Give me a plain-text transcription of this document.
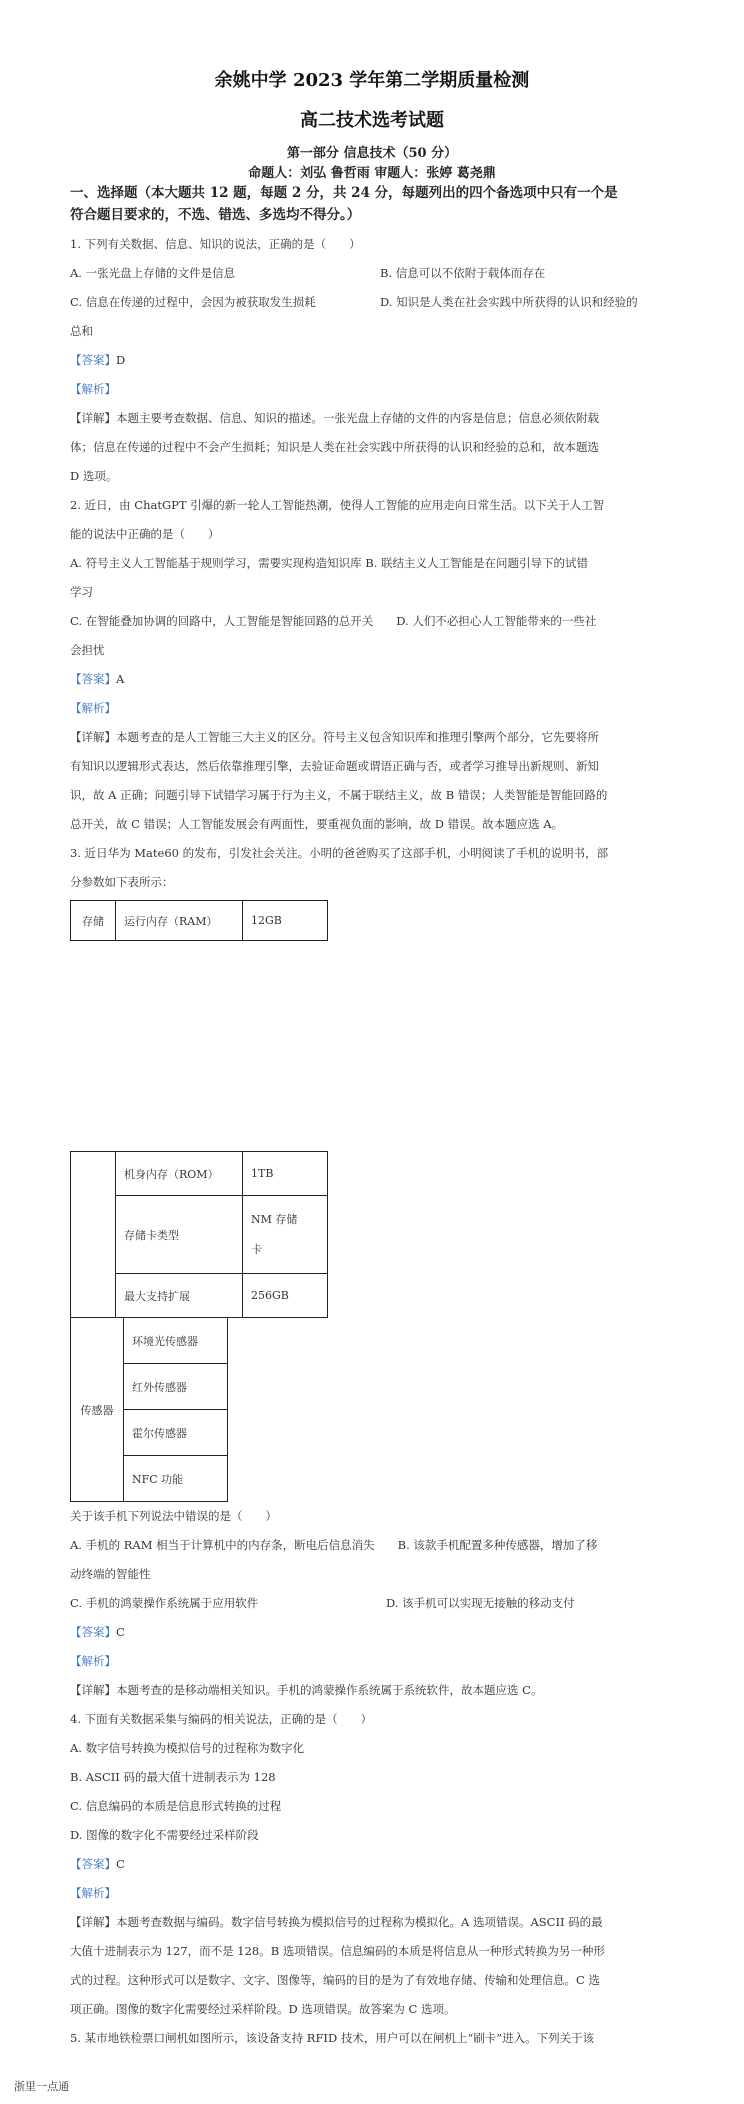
余姚中学 2023 学年第二学期质量检测
高二技术选考试题
第一部分 信息技术（50 分）
命题人：刘弘 鲁哲雨 审题人：张婷 葛尧鼎
一、选择题（本大题共 12 题，每题 2 分，共 24 分，每题列出的四个备选项中只有一个是
符合题目要求的，不选、错选、多选均不得分。）
1. 下列有关数据、信息、知识的说法，正确的是（　　）
A. 一张光盘上存储的文件是信息	B. 信息可以不依附于载体而存在
C. 信息在传递的过程中，会因为被获取发生损耗	D. 知识是人类在社会实践中所获得的认识和经验的
总和
【答案】D
【解析】
【详解】本题主要考查数据、信息、知识的描述。一张光盘上存储的文件的内容是信息；信息必须依附载
体；信息在传递的过程中不会产生损耗；知识是人类在社会实践中所获得的认识和经验的总和，故本题选
D 选项。
2. 近日，由 ChatGPT 引爆的新一轮人工智能热潮，使得人工智能的应用走向日常生活。以下关于人工智
能的说法中正确的是（　　）
A. 符号主义人工智能基于规则学习，需要实现构造知识库 B. 联结主义人工智能是在问题引导下的试错
学习
C. 在智能叠加协调的回路中，人工智能是智能回路的总开关　　D. 人们不必担心人工智能带来的一些社
会担忧
【答案】A
【解析】
【详解】本题考查的是人工智能三大主义的区分。符号主义包含知识库和推理引擎两个部分，它先要将所
有知识以逻辑形式表达，然后依靠推理引擎，去验证命题或谓语正确与否，或者学习推导出新规则、新知
识，故 A 正确；问题引导下试错学习属于行为主义，不属于联结主义，故 B 错误；人类智能是智能回路的
总开关，故 C 错误；人工智能发展会有两面性，要重视负面的影响，故 D 错误。故本题应选 A。
3. 近日华为 Mate60 的发布，引发社会关注。小明的爸爸购买了这部手机，小明阅读了手机的说明书，部
分参数如下表所示：
存储	运行内存（RAM）	12GB
	机身内存（ROM）	1TB
	存储卡类型	NM 存储
卡
	最大支持扩展	256GB
传感器	环境光传感器
红外传感器
霍尔传感器
NFC 功能
关于该手机下列说法中错误的是（　　）
A. 手机的 RAM 相当于计算机中的内存条，断电后信息消失　　B. 该款手机配置多种传感器，增加了移
动终端的智能性
C. 手机的鸿蒙操作系统属于应用软件	D. 该手机可以实现无接触的移动支付
【答案】C
【解析】
【详解】本题考查的是移动端相关知识。手机的鸿蒙操作系统属于系统软件，故本题应选 C。
4. 下面有关数据采集与编码的相关说法，正确的是（　　）
A. 数字信号转换为模拟信号的过程称为数字化
B. ASCII 码的最大值十进制表示为 128
C. 信息编码的本质是信息形式转换的过程
D. 图像的数字化不需要经过采样阶段
【答案】C
【解析】
【详解】本题考查数据与编码。数字信号转换为模拟信号的过程称为模拟化。A 选项错误。ASCII 码的最
大值十进制表示为 127，而不是 128。B 选项错误。信息编码的本质是将信息从一种形式转换为另一种形
式的过程。这种形式可以是数字、文字、图像等，编码的目的是为了有效地存储、传输和处理信息。C 选
项正确。图像的数字化需要经过采样阶段。D 选项错误。故答案为 C 选项。
5. 某市地铁检票口闸机如图所示，该设备支持 RFID 技术，用户可以在闸机上“刷卡”进入。下列关于该
浙里一点通
